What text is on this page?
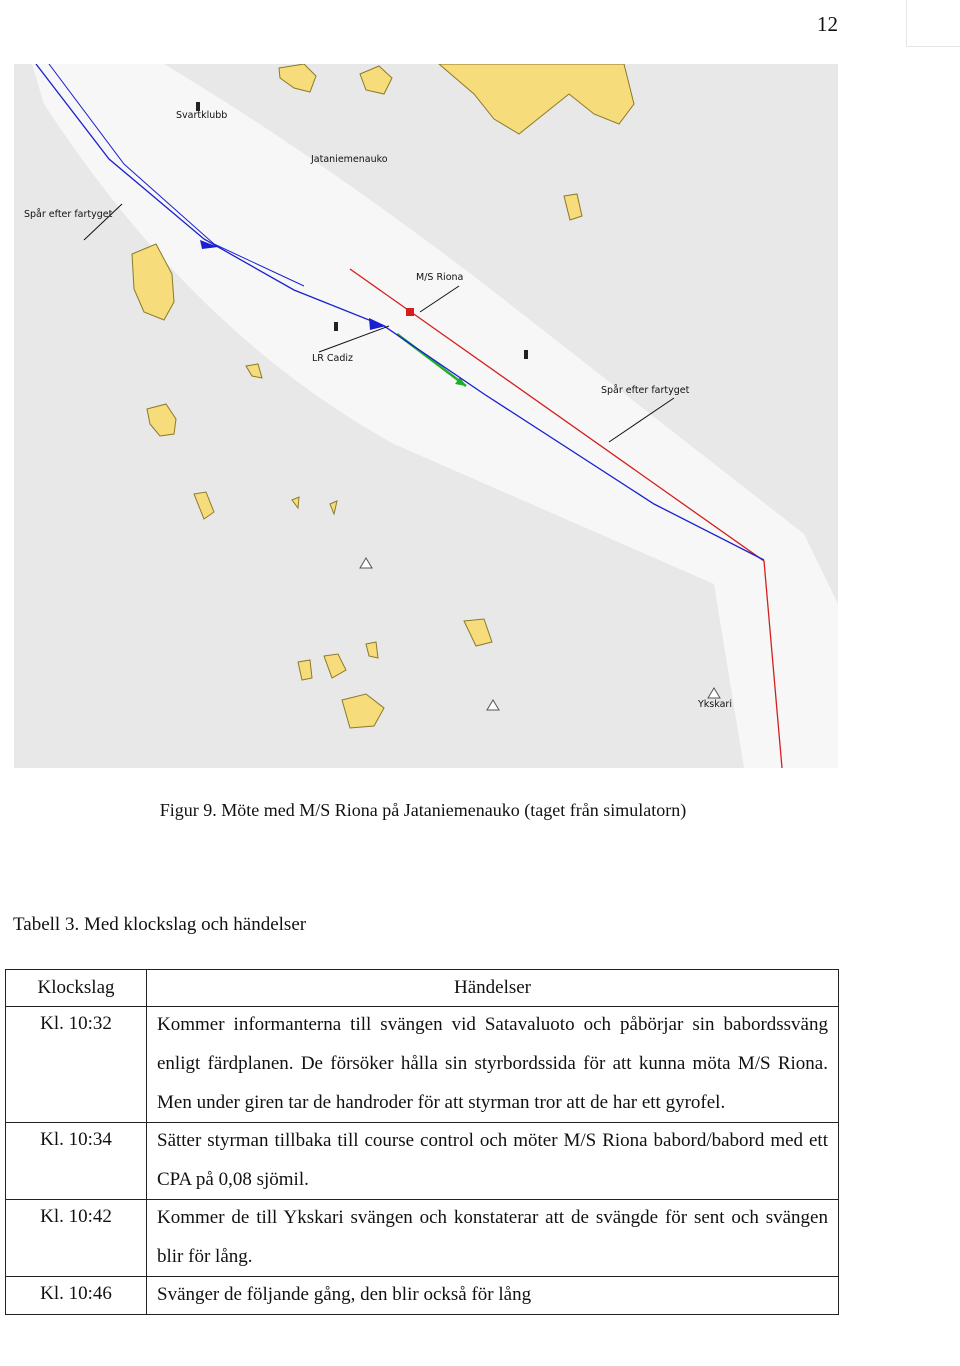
12
Svartklubb
Jataniemenauko
Spår efter fartyget
M/S Riona
LR Cadiz
Spår efter fartyget
Ykskari
Figur 9. Möte med M/S Riona på Jataniemenauko (taget från simulatorn)
Tabell 3. Med klockslag och händelser
Klockslag	Händelser
Kl. 10:32	Kommer informanterna till svängen vid Satavaluoto och påbörjar sin babordssväng enligt färdplanen. De försöker hålla sin styrbordssida för att kunna möta M/S Riona. Men under giren tar de handroder för att styrman tror att de har ett gyrofel.

Kl. 10:34	Sätter styrman tillbaka till course control och möter M/S Riona babord/babord med ett CPA på 0,08 sjömil.

Kl. 10:42	Kommer de till Ykskari svängen och konstaterar att de svängde för sent och svängen blir för lång.

Kl. 10:46	Svänger de följande gång, den blir också för lång
